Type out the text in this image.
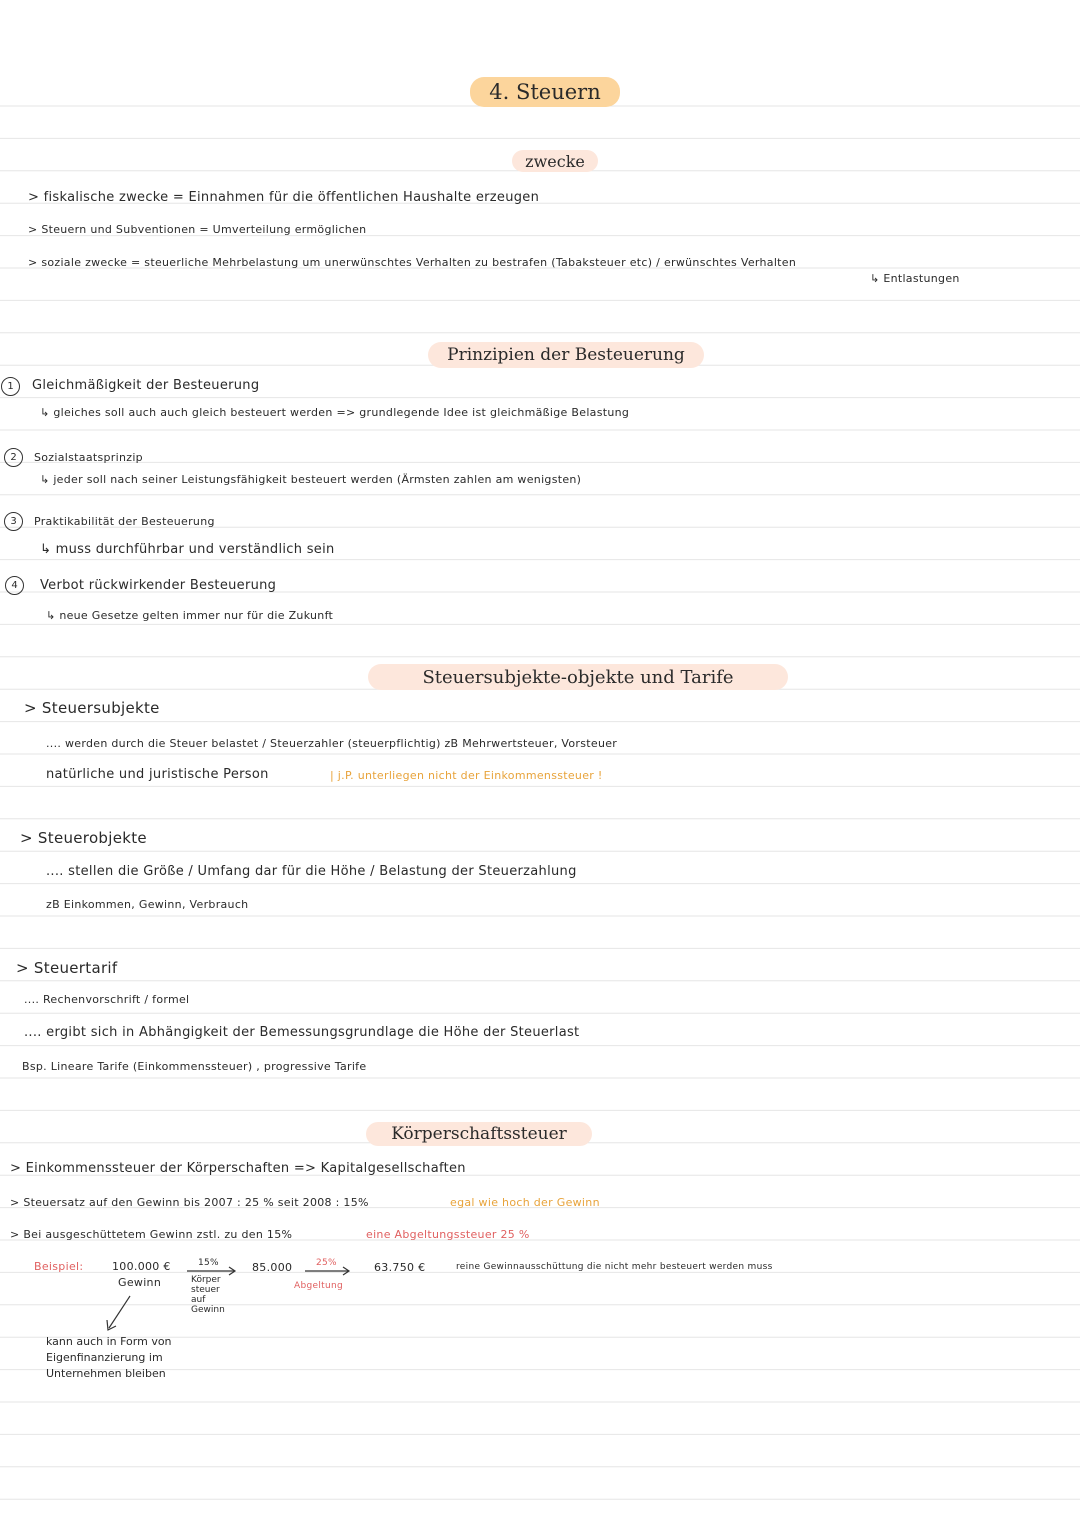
4. Steuern
zwecke
> fiskalische zwecke = Einnahmen für die öffentlichen Haushalte erzeugen
> Steuern und Subventionen = Umverteilung ermöglichen
> soziale zwecke = steuerliche Mehrbelastung um unerwünschtes Verhalten zu bestrafen (Tabaksteuer etc) / erwünschtes Verhalten
↳ Entlastungen
Prinzipien der Besteuerung
1	Gleichmäßigkeit der Besteuerung
↳ gleiches soll auch auch gleich besteuert werden => grundlegende Idee ist gleichmäßige Belastung
2	Sozialstaatsprinzip
↳ jeder soll nach seiner Leistungsfähigkeit besteuert werden (Ärmsten zahlen am wenigsten)
3	Praktikabilität der Besteuerung
↳ muss durchführbar und verständlich sein
4	Verbot rückwirkender Besteuerung
↳ neue Gesetze gelten immer nur für die Zukunft
Steuersubjekte-objekte und Tarife
> Steuersubjekte
.... werden durch die Steuer belastet / Steuerzahler (steuerpflichtig) zB Mehrwertsteuer, Vorsteuer
natürliche und juristische Person	| j.P. unterliegen nicht der Einkommenssteuer !
> Steuerobjekte
.... stellen die Größe / Umfang dar für die Höhe / Belastung der Steuerzahlung
zB Einkommen, Gewinn, Verbrauch
> Steuertarif
.... Rechenvorschrift / formel
.... ergibt sich in Abhängigkeit der Bemessungsgrundlage die Höhe der Steuerlast
Bsp. Lineare Tarife (Einkommenssteuer) , progressive Tarife
Körperschaftssteuer
> Einkommenssteuer der Körperschaften => Kapitalgesellschaften
> Steuersatz auf den Gewinn bis 2007 : 25 % seit 2008 : 15%	egal wie hoch der Gewinn
> Bei ausgeschüttetem Gewinn zstl. zu den 15%	eine Abgeltungssteuer 25 %
Beispiel:	100.000 €
Gewinn
15%
Körper steuer auf Gewinn
85.000	25%
Abgeltung
63.750 €	reine Gewinnausschüttung die nicht mehr besteuert werden muss
kann auch in Form von Eigenfinanzierung im Unternehmen bleiben
